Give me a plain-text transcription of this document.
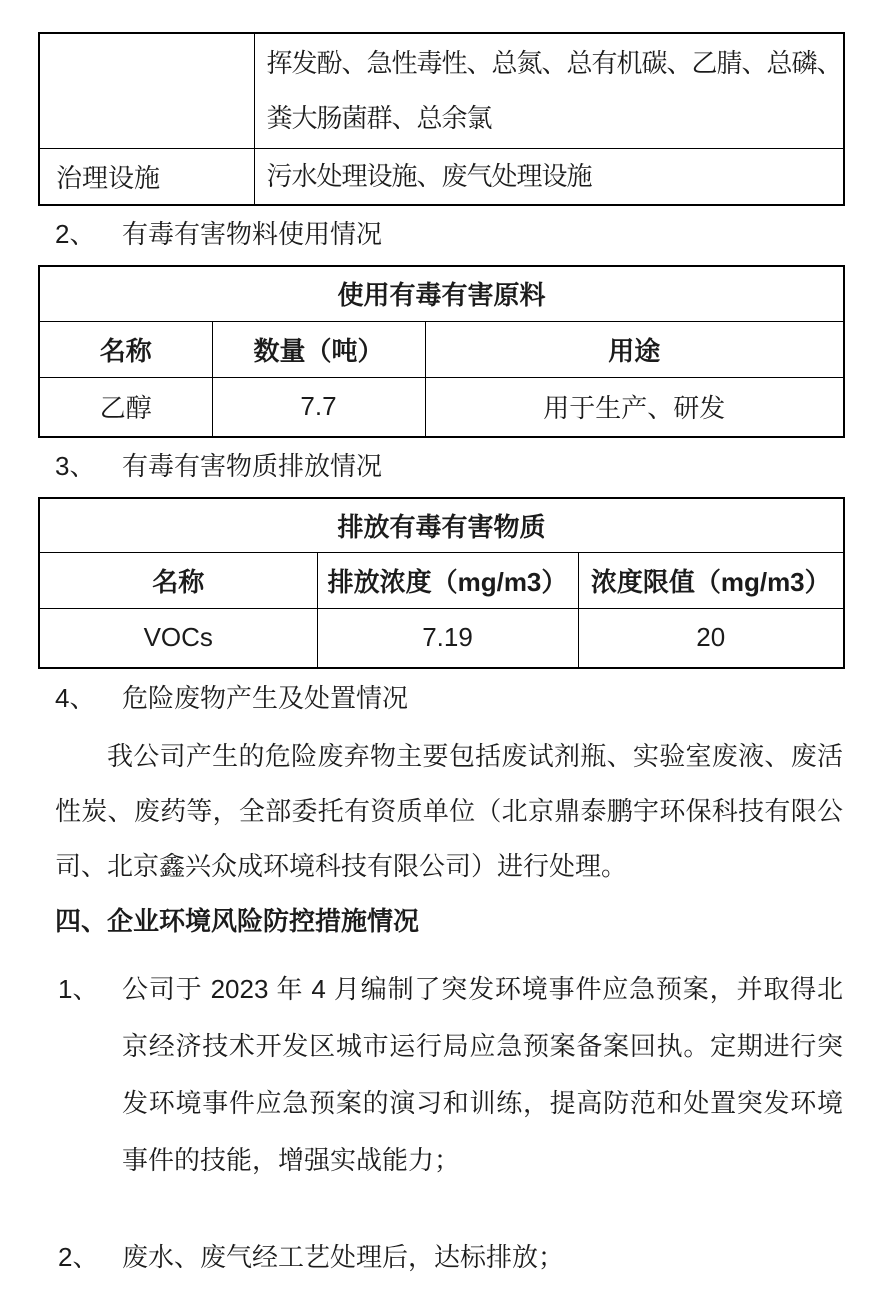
	挥发酚、急性毒性、总氮、总有机碳、乙腈、总磷、粪大肠菌群、总余氯
治理设施	污水处理设施、废气处理设施
2、	有毒有害物料使用情况
使用有毒有害原料		
名称	数量（吨）	用途
乙醇	7.7	用于生产、研发
3、	有毒有害物质排放情况
排放有毒有害物质		
名称	排放浓度（mg/m3）	浓度限值（mg/m3）
VOCs	7.19	20
4、	危险废物产生及处置情况

我公司产生的危险废弃物主要包括废试剂瓶、实验室废液、废活性炭、废药等，全部委托有资质单位（北京鼎泰鹏宇环保科技有限公司、北京鑫兴众成环境科技有限公司）进行处理。

四、企业环境风险防控措施情况
1、 公司于 2023 年 4 月编制了突发环境事件应急预案，并取得北京经济技术开发区城市运行局应急预案备案回执。定期进行突发环境事件应急预案的演习和训练，提高防范和处置突发环境事件的技能，增强实战能力；
2、 废水、废气经工艺处理后，达标排放；
